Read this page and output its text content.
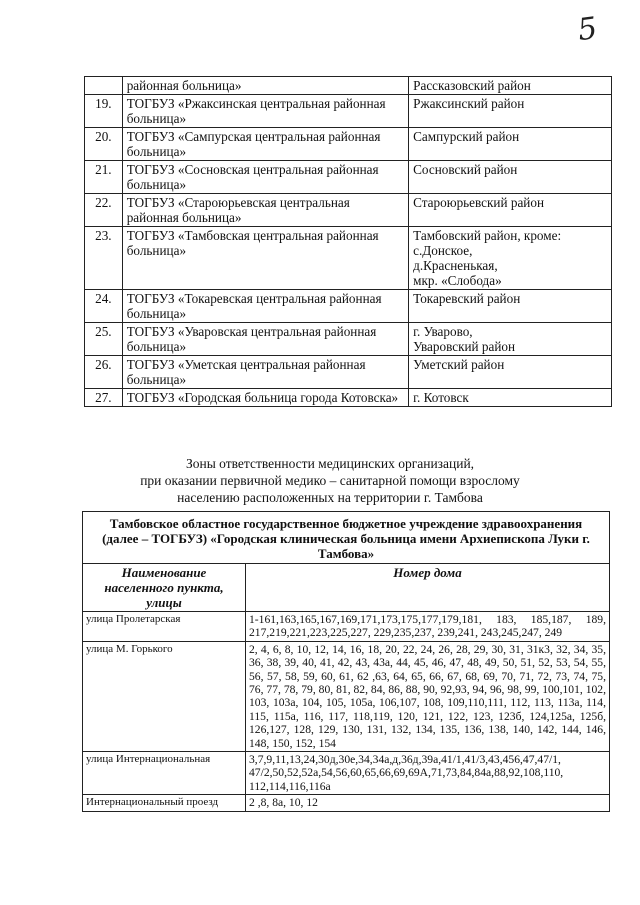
5
	районная больница»	Рассказовский район

19.	ТОГБУЗ «Ржаксинская центральная районная больница»	Ржаксинский район

20.	ТОГБУЗ «Сампурская центральная районная больница»	Сампурский район

21.	ТОГБУЗ «Сосновская центральная районная больница»	Сосновский район

22.	ТОГБУЗ «Староюрьевская центральная районная больница»	Староюрьевский район

23.	ТОГБУЗ «Тамбовская центральная районная больница»	Тамбовский район, кроме:
с.Донское,
д.Красненькая,
мкр. «Слобода»

24.	ТОГБУЗ «Токаревская центральная районная больница»	Токаревский район

25.	ТОГБУЗ «Уваровская центральная районная больница»	г. Уварово,
Уваровский район

26.	ТОГБУЗ «Уметская центральная районная больница»	Уметский район

27.	ТОГБУЗ «Городская больница города Котовска»	г. Котовск
Зоны ответственности медицинских организаций,
при оказании первичной медико – санитарной помощи взрослому
населению расположенных на территории г. Тамбова
Тамбовское областное государственное бюджетное учреждение здравоохранения (далее – ТОГБУЗ) «Городская клиническая больница имени Архиепископа Луки г. Тамбова»	
Наименование населенного пункта, улицы	Номер дома
улица Пролетарская	1-161,163,165,167,169,171,173,175,177,179,181, 183, 185,187, 189, 217,219,221,223,225,227, 229,235,237, 239,241, 243,245,247, 249
улица М. Горького	2, 4, 6, 8, 10, 12, 14, 16, 18, 20, 22, 24, 26, 28, 29, 30, 31, 31к3, 32, 34, 35, 36, 38, 39, 40, 41, 42, 43, 43а, 44, 45, 46, 47, 48, 49, 50, 51, 52, 53, 54, 55, 56, 57, 58, 59, 60, 61, 62 ,63, 64, 65, 66, 67, 68, 69, 70, 71, 72, 73, 74, 75, 76, 77, 78, 79, 80, 81, 82, 84, 86, 88, 90, 92,93, 94, 96, 98, 99, 100,101, 102, 103, 103а, 104, 105, 105а, 106,107, 108, 109,110,111, 112, 113, 113а, 114, 115, 115а, 116, 117, 118,119, 120, 121, 122, 123, 123б, 124,125а, 125б, 126,127, 128, 129, 130, 131, 132, 134, 135, 136, 138, 140, 142, 144, 146, 148, 150, 152, 154
улица Интернациональная	3,7,9,11,13,24,30д,30е,34,34а,д,36д,39а,41/1,41/3,43,456,47,47/1, 47/2,50,52,52а,54,56,60,65,66,69,69А,71,73,84,84а,88,92,108,110, 112,114,116,116а
Интернациональный проезд	2 ,8, 8а, 10, 12
